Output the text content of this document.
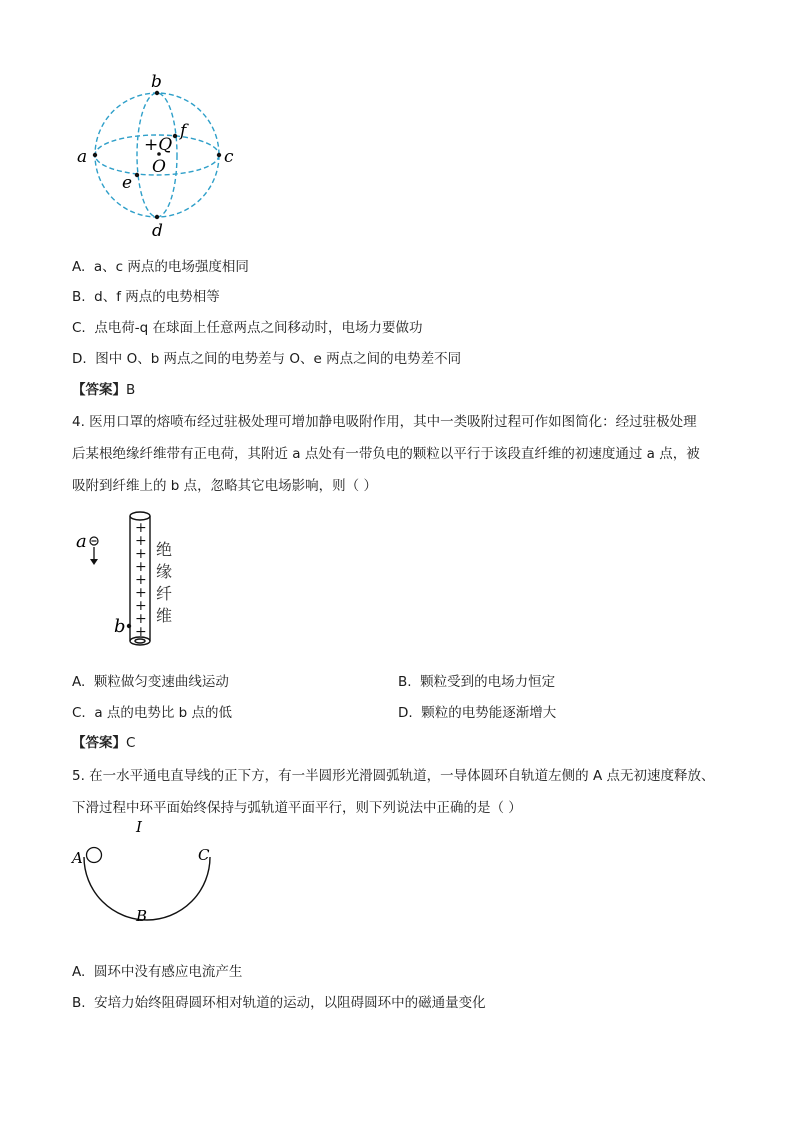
b
f
+Q
O
a	c
e
d
A. a、c 两点的电场强度相同
B. d、f 两点的电势相等
C. 点电荷-q 在球面上任意两点之间移动时，电场力要做功
D. 图中 O、b 两点之间的电势差与 O、e 两点之间的电势差不同
【答案】B
4. 医用口罩的熔喷布经过驻极处理可增加静电吸附作用，其中一类吸附过程可作如图简化：经过驻极处理
后某根绝缘纤维带有正电荷，其附近 a 点处有一带负电的颗粒以平行于该段直纤维的初速度通过 a 点，被
吸附到纤维上的 b 点，忽略其它电场影响，则（ ）
a
+
+
+
+
+
+
+
+
+
b
绝
缘
纤
维
A. 颗粒做匀变速曲线运动	B. 颗粒受到的电场力恒定
C. a 点的电势比 b 点的低	D. 颗粒的电势能逐渐增大
【答案】C
5. 在一水平通电直导线的正下方，有一半圆形光滑圆弧轨道，一导体圆环自轨道左侧的 A 点无初速度释放、
下滑过程中环平面始终保持与弧轨道平面平行，则下列说法中正确的是（ ）
I
A
B
C
A. 圆环中没有感应电流产生
B. 安培力始终阻碍圆环相对轨道的运动，以阻碍圆环中的磁通量变化
